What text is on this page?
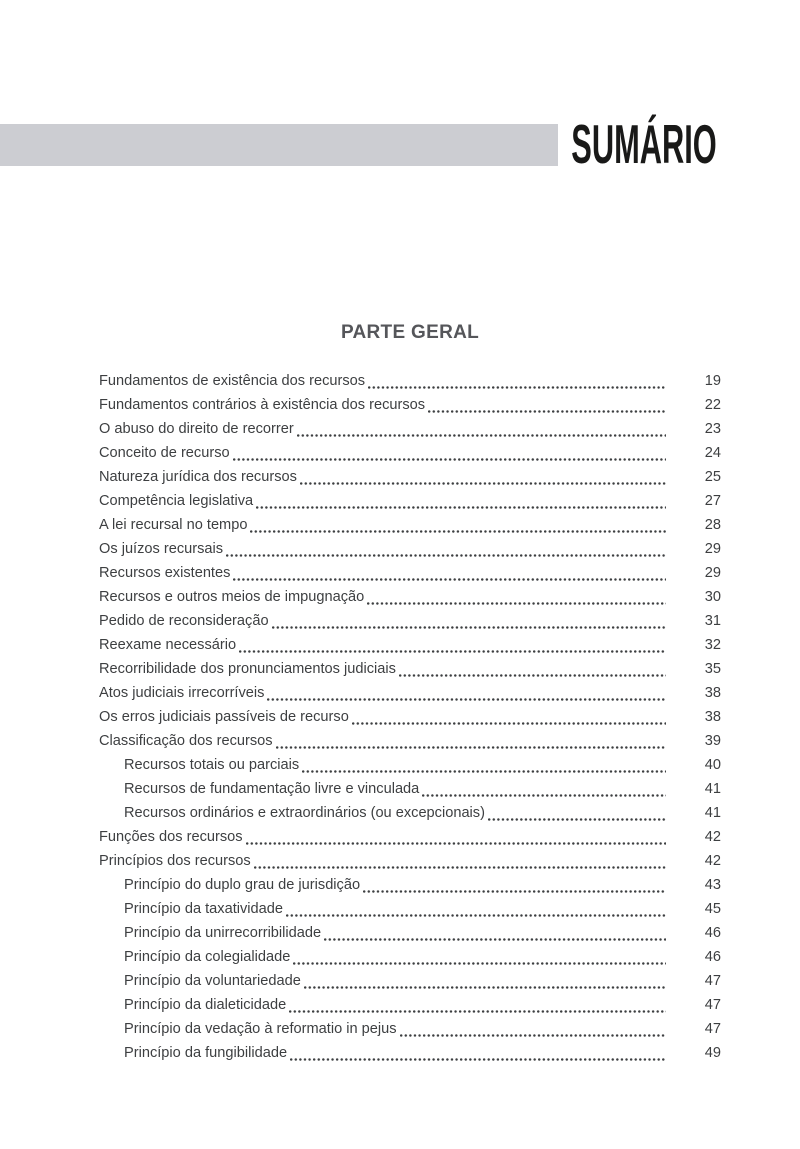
SUMÁRIO
PARTE GERAL
Fundamentos de existência dos recursos	19
Fundamentos contrários à existência dos recursos	22
O abuso do direito de recorrer	23
Conceito de recurso	24
Natureza jurídica dos recursos	25
Competência legislativa	27
A lei recursal no tempo	28
Os juízos recursais	29
Recursos existentes	29
Recursos e outros meios de impugnação	30
Pedido de reconsideração	31
Reexame necessário	32
Recorribilidade dos pronunciamentos judiciais	35
Atos judiciais irrecorríveis	38
Os erros judiciais passíveis de recurso	38
Classificação dos recursos	39
Recursos totais ou parciais	40
Recursos de fundamentação livre e vinculada	41
Recursos ordinários e extraordinários (ou excepcionais)	41
Funções dos recursos	42
Princípios dos recursos	42
Princípio do duplo grau de jurisdição	43
Princípio da taxatividade	45
Princípio da unirrecorribilidade	46
Princípio da colegialidade	46
Princípio da voluntariedade	47
Princípio da dialeticidade	47
Princípio da vedação à reformatio in pejus	47
Princípio da fungibilidade	49
